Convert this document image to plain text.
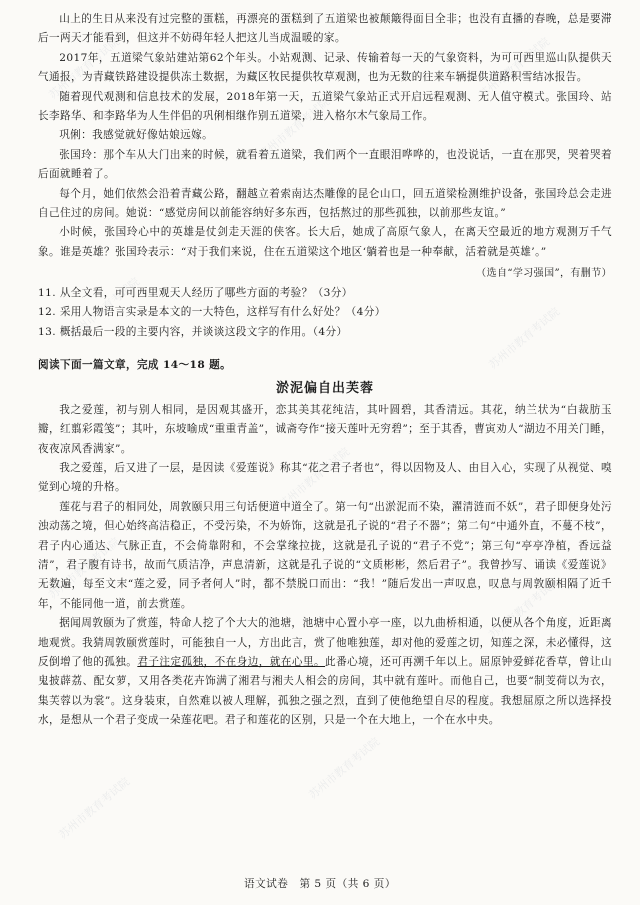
苏州市教育考试院
苏州市教育考试院
苏州市教育考试院
苏州市教育考试院	苏州市教育考试院
苏州市教育考试院
苏州市教育考试院
苏州市教育考试院
苏州市教育考试院
苏州市教育考试院

山上的生日从来没有过完整的蛋糕，再漂亮的蛋糕到了五道梁也被颠簸得面目全非；也没有直播的春晚，总是要滞后一两天才能看到，但这并不妨碍年轻人把这儿当成温暖的家。

2017年，五道梁气象站建站第62个年头。小站观测、记录、传输着每一天的气象资料，为可可西里巡山队提供天气通报，为青藏铁路建设提供冻土数据，为藏区牧民提供牧草观测，也为无数的往来车辆提供道路积雪结冰报告。

随着现代观测和信息技术的发展，2018年第一天，五道梁气象站正式开启远程观测、无人值守模式。张国玲、站长李路华、和李路华为人生伴侣的巩俐相继作别五道梁，进入格尔木气象局工作。

巩俐：我感觉就好像姑娘远嫁。

张国玲：那个车从大门出来的时候，就看着五道梁，我们两个一直眼泪哗哗的，也没说话，一直在那哭，哭着哭着后面就睡着了。

每个月，她们依然会沿着青藏公路，翻越立着索南达杰雕像的昆仑山口，回五道梁检测维护设备，张国玲总会走进自己住过的房间。她说：“感觉房间以前能容纳好多东西，包括熬过的那些孤独，以前那些友谊。”

小时候，张国玲心中的英雄是仗剑走天涯的侠客。长大后，她成了高原气象人，在离天空最近的地方观测万千气象。谁是英雄？张国玲表示：“对于我们来说，住在五道梁这个地区‘躺着也是一种奉献，活着就是英雄’。”

（选自“学习强国”，有删节）

11. 从全文看，可可西里观天人经历了哪些方面的考验？（3分）

12. 采用人物语言实录是本文的一大特色，这样写有什么好处？（4分）

13. 概括最后一段的主要内容，并谈谈这段文字的作用。（4分）

阅读下面一篇文章，完成 14～18 题。

淤泥偏自出芙蓉

我之爱莲，初与别人相同，是因观其盛开，恋其美其花纯洁，其叶圆碧，其香清远。其花，纳兰状为“白裁肪玉瓣，红翦彩霞笺”；其叶，东坡喻成“重重青盖”，诚斋夸作“接天莲叶无穷碧”；至于其香，曹寅劝人“湖边不用关门睡，夜夜凉风香满家”。

我之爱莲，后又进了一层，是因读《爱莲说》称其“花之君子者也”，得以因物及人、由目入心，实现了从视觉、嗅觉到心境的升格。

莲花与君子的相同处，周敦颐只用三句话便道中道全了。第一句“出淤泥而不染，濯清涟而不妖”，君子即便身处污浊动荡之境，但心始终高洁稳正，不受污染，不为娇饰，这就是孔子说的“君子不器”；第二句“中通外直，不蔓不枝”，君子内心通达、气脉正直，不会倚靠附和，不会掌缘拉拢，这就是孔子说的“君子不党”；第三句“亭亭净植，香远益清”，君子腹有诗书，故而气质洁净，声息清新，这就是孔子说的“文质彬彬，然后君子”。我曾抄写、诵读《爱莲说》无数遍，每至文末“莲之爱，同予者何人”时，都不禁脱口而出：“我！”随后发出一声叹息，叹息与周敦颐相隔了近千年，不能同他一道，前去赏莲。

据闻周敦颐为了赏莲，特命人挖了个大大的池塘，池塘中心置小亭一座，以九曲桥相通，以便从各个角度，近距离地观赏。我猜周敦颐赏莲时，可能独自一人，方出此言，赏了他唯独莲，却对他的爱莲之切，知莲之深，未必懂得，这反倒增了他的孤独。君子注定孤独，不在身边，就在心里。此番心境，还可再溯千年以上。屈原钟爱鲜花香草，曾让山鬼披薜荔、配女萝，又用各类花卉饰满了湘君与湘夫人相会的房间，其中就有莲叶。而他自己，也要“制芰荷以为衣，集芙蓉以为裳”。这身装束，自然难以被人理解，孤独之强之烈，直到了使他绝望自尽的程度。我想屈原之所以选择投水，是想从一个君子变成一朵莲花吧。君子和莲花的区别，只是一个在大地上，一个在水中央。

语文试卷　第 5 页（共 6 页）
